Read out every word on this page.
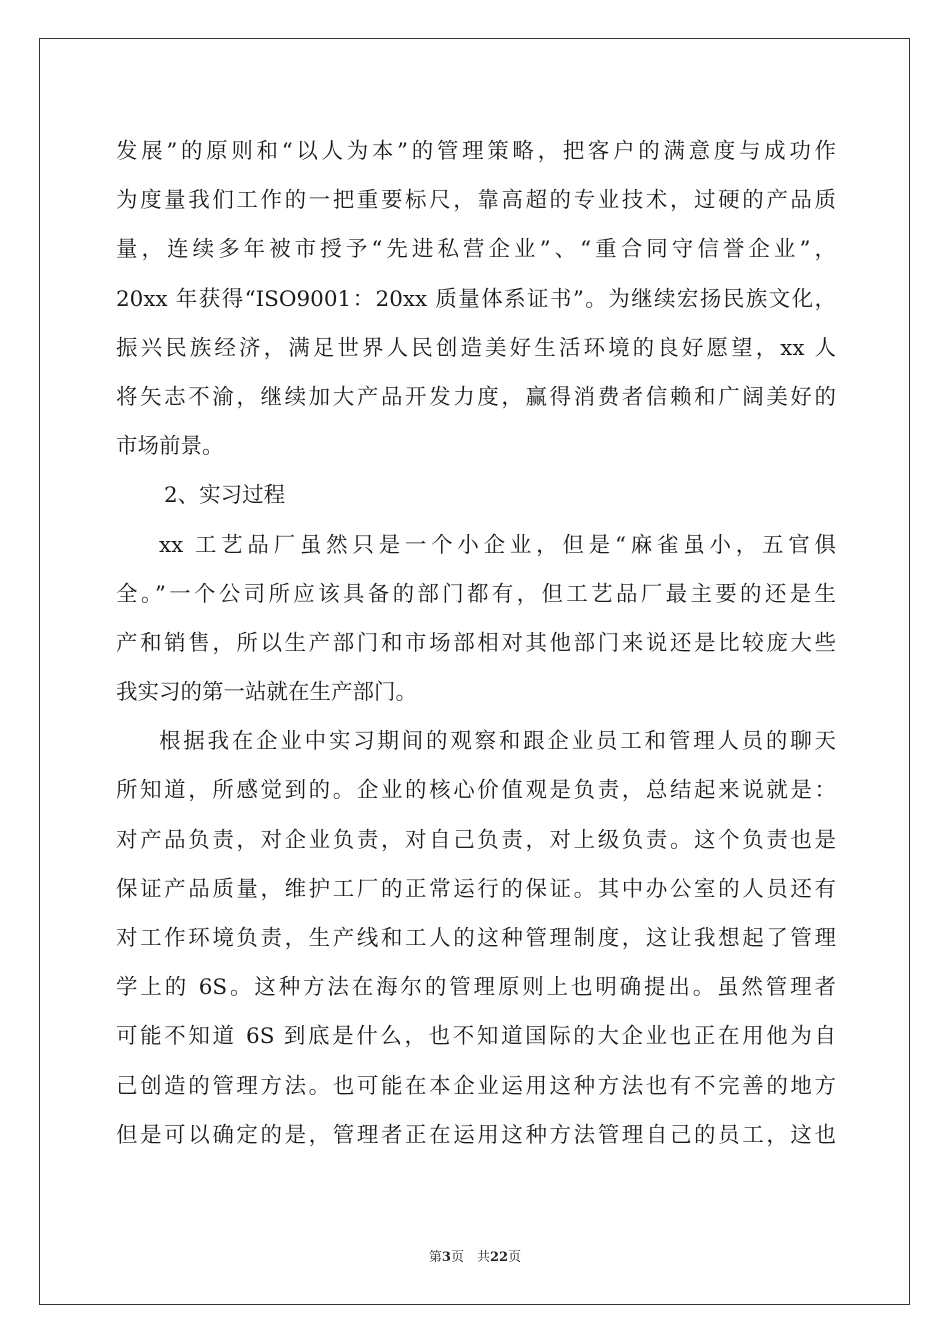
发展”的原则和“以人为本”的管理策略，把客户的满意度与成功作
为度量我们工作的一把重要标尺，靠高超的专业技术，过硬的产品质
量，连续多年被市授予“先进私营企业”、“重合同守信誉企业”，
20xx 年获得“ISO9001：20xx 质量体系证书”。为继续宏扬民族文化，
振兴民族经济，满足世界人民创造美好生活环境的良好愿望，xx 人
将矢志不渝，继续加大产品开发力度，赢得消费者信赖和广阔美好的
市场前景。
2、实习过程
xx 工艺品厂虽然只是一个小企业，但是“麻雀虽小，五官俱
全。”一个公司所应该具备的部门都有，但工艺品厂最主要的还是生
产和销售，所以生产部门和市场部相对其他部门来说还是比较庞大些
我实习的第一站就在生产部门。
根据我在企业中实习期间的观察和跟企业员工和管理人员的聊天
所知道，所感觉到的。企业的核心价值观是负责，总结起来说就是：
对产品负责，对企业负责，对自己负责，对上级负责。这个负责也是
保证产品质量，维护工厂的正常运行的保证。其中办公室的人员还有
对工作环境负责，生产线和工人的这种管理制度，这让我想起了管理
学上的 6S。这种方法在海尔的管理原则上也明确提出。虽然管理者
可能不知道 6S 到底是什么，也不知道国际的大企业也正在用他为自
己创造的管理方法。也可能在本企业运用这种方法也有不完善的地方
但是可以确定的是，管理者正在运用这种方法管理自己的员工，这也
第3页　共22页
